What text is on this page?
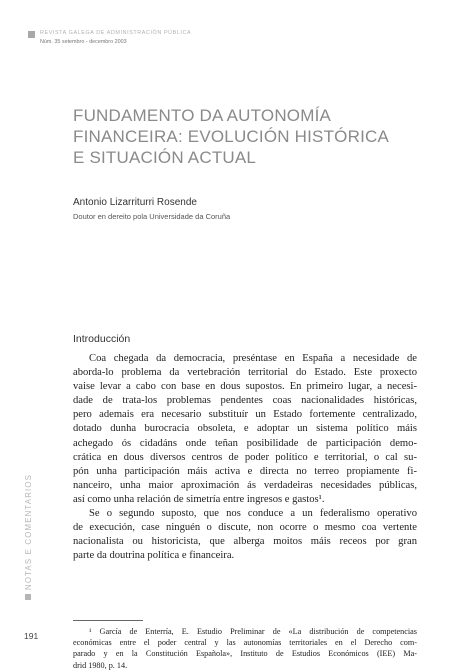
REVISTA GALEGA DE ADMINISTRACIÓN PÚBLICA
Núm. 35 setembro - decembro 2003
FUNDAMENTO DA AUTONOMÍA
FINANCEIRA: EVOLUCIÓN HISTÓRICA
E SITUACIÓN ACTUAL
Antonio Lizarriturri Rosende
Doutor en dereito pola Universidade da Coruña
Introducción
Coa chegada da democracia, preséntase en España a necesidade de
aborda-lo problema da vertebración territorial do Estado. Este proxecto
vaise levar a cabo con base en dous supostos. En primeiro lugar, a necesi-
dade de trata-los problemas pendentes coas nacionalidades históricas,
pero ademais era necesario substituír un Estado fortemente centralizado,
dotado dunha burocracia obsoleta, e adoptar un sistema político máis
achegado ós cidadáns onde teñan posibilidade de participación demo-
crática en dous diversos centros de poder político e territorial, o cal su-
pón unha participación máis activa e directa no terreo propiamente fi-
nanceiro, unha maior aproximación ás verdadeiras necesidades públicas,
así como unha relación de simetría entre ingresos e gastos¹.
Se o segundo suposto, que nos conduce a un federalismo operativo
de execución, case ninguén o discute, non ocorre o mesmo coa vertente
nacionalista ou historicista, que alberga moitos máis receos por gran
parte da doutrina política e financeira.
¹ García de Enterría, E. Estudio Preliminar de «La distribución de competencias
económicas entre el poder central y las autonomías territoriales en el Derecho com-
parado y en la Constitución Española», Instituto de Estudios Económicos (IEE) Ma-
drid 1980, p. 14.
NOTAS E COMENTARIOS
191
